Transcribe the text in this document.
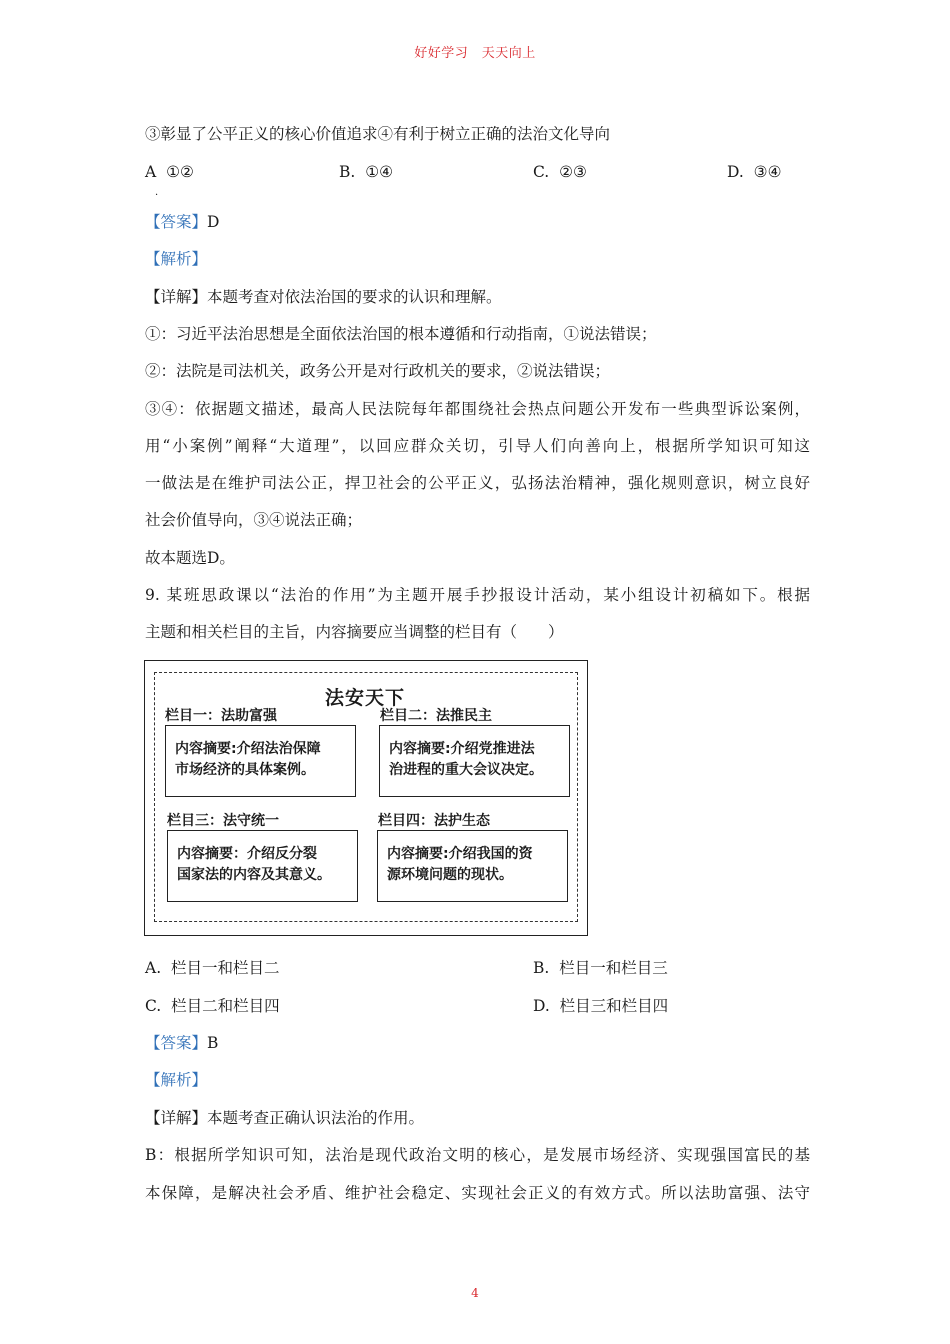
好好学习　天天向上
③彰显了公平正义的核心价值追求④有利于树立正确的法治文化导向
A ①②	B. ①④	C. ②③	D. ③④
·
【答案】D
【解析】
【详解】本题考查对依法治国的要求的认识和理解。
①：习近平法治思想是全面依法治国的根本遵循和行动指南，①说法错误；
②：法院是司法机关，政务公开是对行政机关的要求，②说法错误；
③④：依据题文描述，最高人民法院每年都围绕社会热点问题公开发布一些典型诉讼案例，
用“小案例”阐释“大道理”，以回应群众关切，引导人们向善向上，根据所学知识可知这
一做法是在维护司法公正，捍卫社会的公平正义，弘扬法治精神，强化规则意识，树立良好
社会价值导向，③④说法正确；
故本题选D。
9. 某班思政课以“法治的作用”为主题开展手抄报设计活动，某小组设计初稿如下。根据
主题和相关栏目的主旨，内容摘要应当调整的栏目有（　　）
法安天下
栏目一：法助富强
内容摘要:介绍法治保障
市场经济的具体案例。
栏目二：法推民主
内容摘要:介绍党推进法
治进程的重大会议决定。
栏目三：法守统一
内容摘要：介绍反分裂
国家法的内容及其意义。
栏目四：法护生态
内容摘要:介绍我国的资
源环境问题的现状。
A. 栏目一和栏目二	B. 栏目一和栏目三
C. 栏目二和栏目四	D. 栏目三和栏目四
【答案】B
【解析】
【详解】本题考查正确认识法治的作用。
B：根据所学知识可知，法治是现代政治文明的核心，是发展市场经济、实现强国富民的基
本保障，是解决社会矛盾、维护社会稳定、实现社会正义的有效方式。所以法助富强、法守
4
